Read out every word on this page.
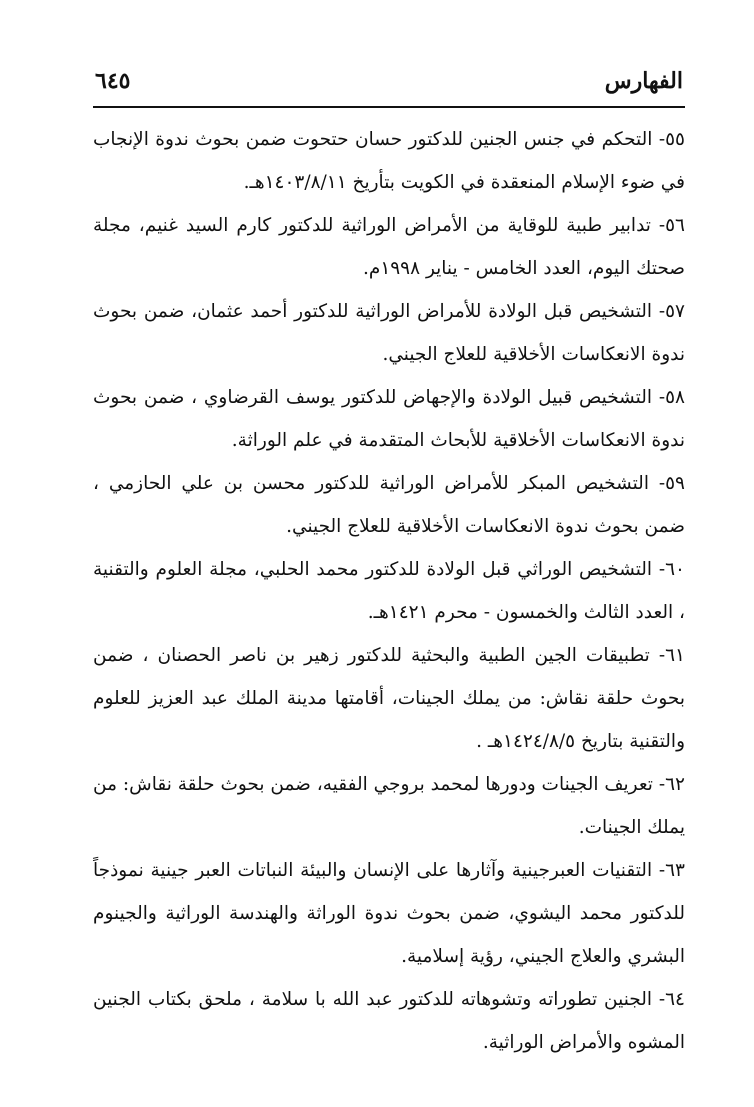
الفهارس
٦٤٥
٥٥- التحكم في جنس الجنين للدكتور حسان حتحوت ضمن بحوث ندوة الإنجاب في ضوء الإسلام المنعقدة في الكويت بتأريخ ١٤٠٣/٨/١١هـ.
٥٦- تدابير طبية للوقاية من الأمراض الوراثية للدكتور كارم السيد غنيم، مجلة صحتك اليوم، العدد الخامس - يناير ١٩٩٨م.
٥٧- التشخيص قبل الولادة للأمراض الوراثية للدكتور أحمد عثمان، ضمن بحوث ندوة الانعكاسات الأخلاقية للعلاج الجيني.
٥٨- التشخيص قبيل الولادة والإجهاض للدكتور يوسف القرضاوي ، ضمن بحوث ندوة الانعكاسات الأخلاقية للأبحاث المتقدمة في علم الوراثة.
٥٩- التشخيص المبكر للأمراض الوراثية للدكتور محسن بن علي الحازمي ، ضمن بحوث ندوة الانعكاسات الأخلاقية للعلاج الجيني.
٦٠- التشخيص الوراثي قبل الولادة للدكتور محمد الحلبي، مجلة العلوم والتقنية ، العدد الثالث والخمسون - محرم ١٤٢١هـ.
٦١- تطبيقات الجين الطبية والبحثية للدكتور زهير بن ناصر الحصنان ، ضمن بحوث حلقة نقاش: من يملك الجينات، أقامتها مدينة الملك عبد العزيز للعلوم والتقنية بتاريخ ١٤٢٤/٨/٥هـ .
٦٢- تعريف الجينات ودورها لمحمد بروجي الفقيه، ضمن بحوث حلقة نقاش: من يملك الجينات.
٦٣- التقنيات العبرجينية وآثارها على الإنسان والبيئة النباتات العبر جينية نموذجاً للدكتور محمد اليشوي، ضمن بحوث ندوة الوراثة والهندسة الوراثية والجينوم البشري والعلاج الجيني، رؤية إسلامية.
٦٤- الجنين تطوراته وتشوهاته للدكتور عبد الله با سلامة ، ملحق بكتاب الجنين المشوه والأمراض الوراثية.
